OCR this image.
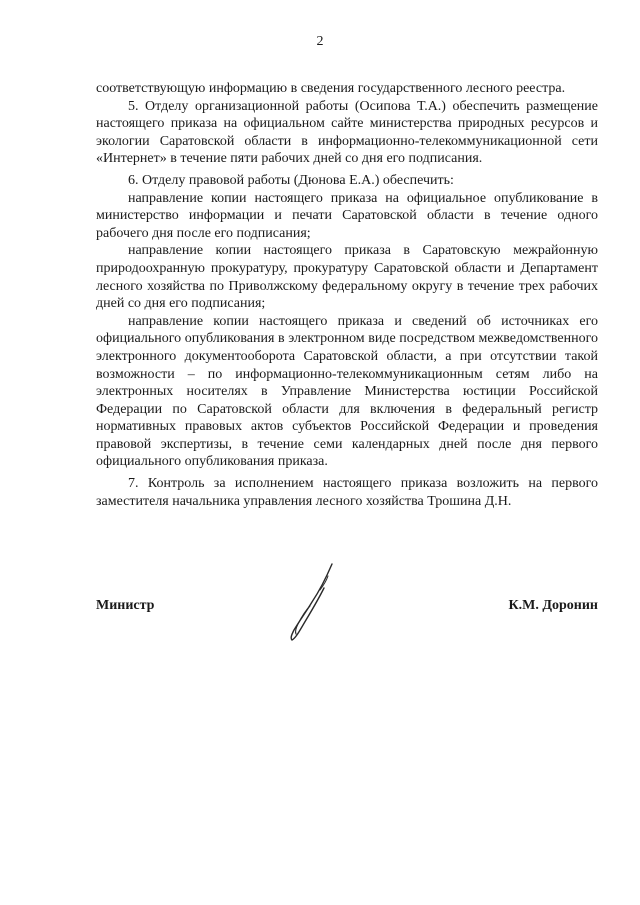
2

соответствующую информацию в сведения государственного лесного реестра.

5. Отделу организационной работы (Осипова Т.А.) обеспечить размещение настоящего приказа на официальном сайте министерства природных ресурсов и экологии Саратовской области в информационно-телекоммуникационной сети «Интернет» в течение пяти рабочих дней со дня его подписания.

6. Отделу правовой работы (Дюнова Е.А.) обеспечить:

направление копии настоящего приказа на официальное опубликование в министерство информации и печати Саратовской области в течение одного рабочего дня после его подписания;

направление копии настоящего приказа в Саратовскую межрайонную природоохранную прокуратуру, прокуратуру Саратовской области и Департамент лесного хозяйства по Приволжскому федеральному округу в течение трех рабочих дней со дня его подписания;

направление копии настоящего приказа и сведений об источниках его официального опубликования в электронном виде посредством межведомственного электронного документооборота Саратовской области, а при отсутствии такой возможности – по информационно-телекоммуникационным сетям либо на электронных носителях в Управление Министерства юстиции Российской Федерации по Саратовской области для включения в федеральный регистр нормативных правовых актов субъектов Российской Федерации и проведения правовой экспертизы, в течение семи календарных дней после дня первого официального опубликования приказа.

7. Контроль за исполнением настоящего приказа возложить на первого заместителя начальника управления лесного хозяйства Трошина Д.Н.

Министр	К.М. Доронин
